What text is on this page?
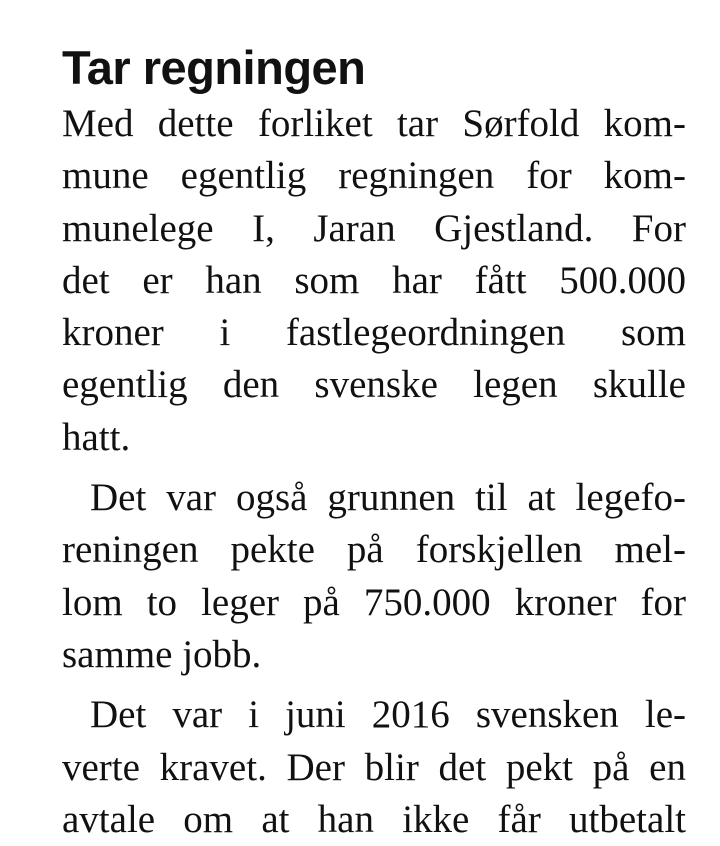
Tar regningen
Med dette forliket tar Sørfold kom-
mune egentlig regningen for kom-
munelege I, Jaran Gjestland. For
det er han som har fått 500.000
kroner i fastlegeordningen som
egentlig den svenske legen skulle
hatt.
Det var også grunnen til at legefo-
reningen pekte på forskjellen mel-
lom to leger på 750.000 kroner for
samme jobb.
Det var i juni 2016 svensken le-
verte kravet. Der blir det pekt på en
avtale om at han ikke får utbetalt
